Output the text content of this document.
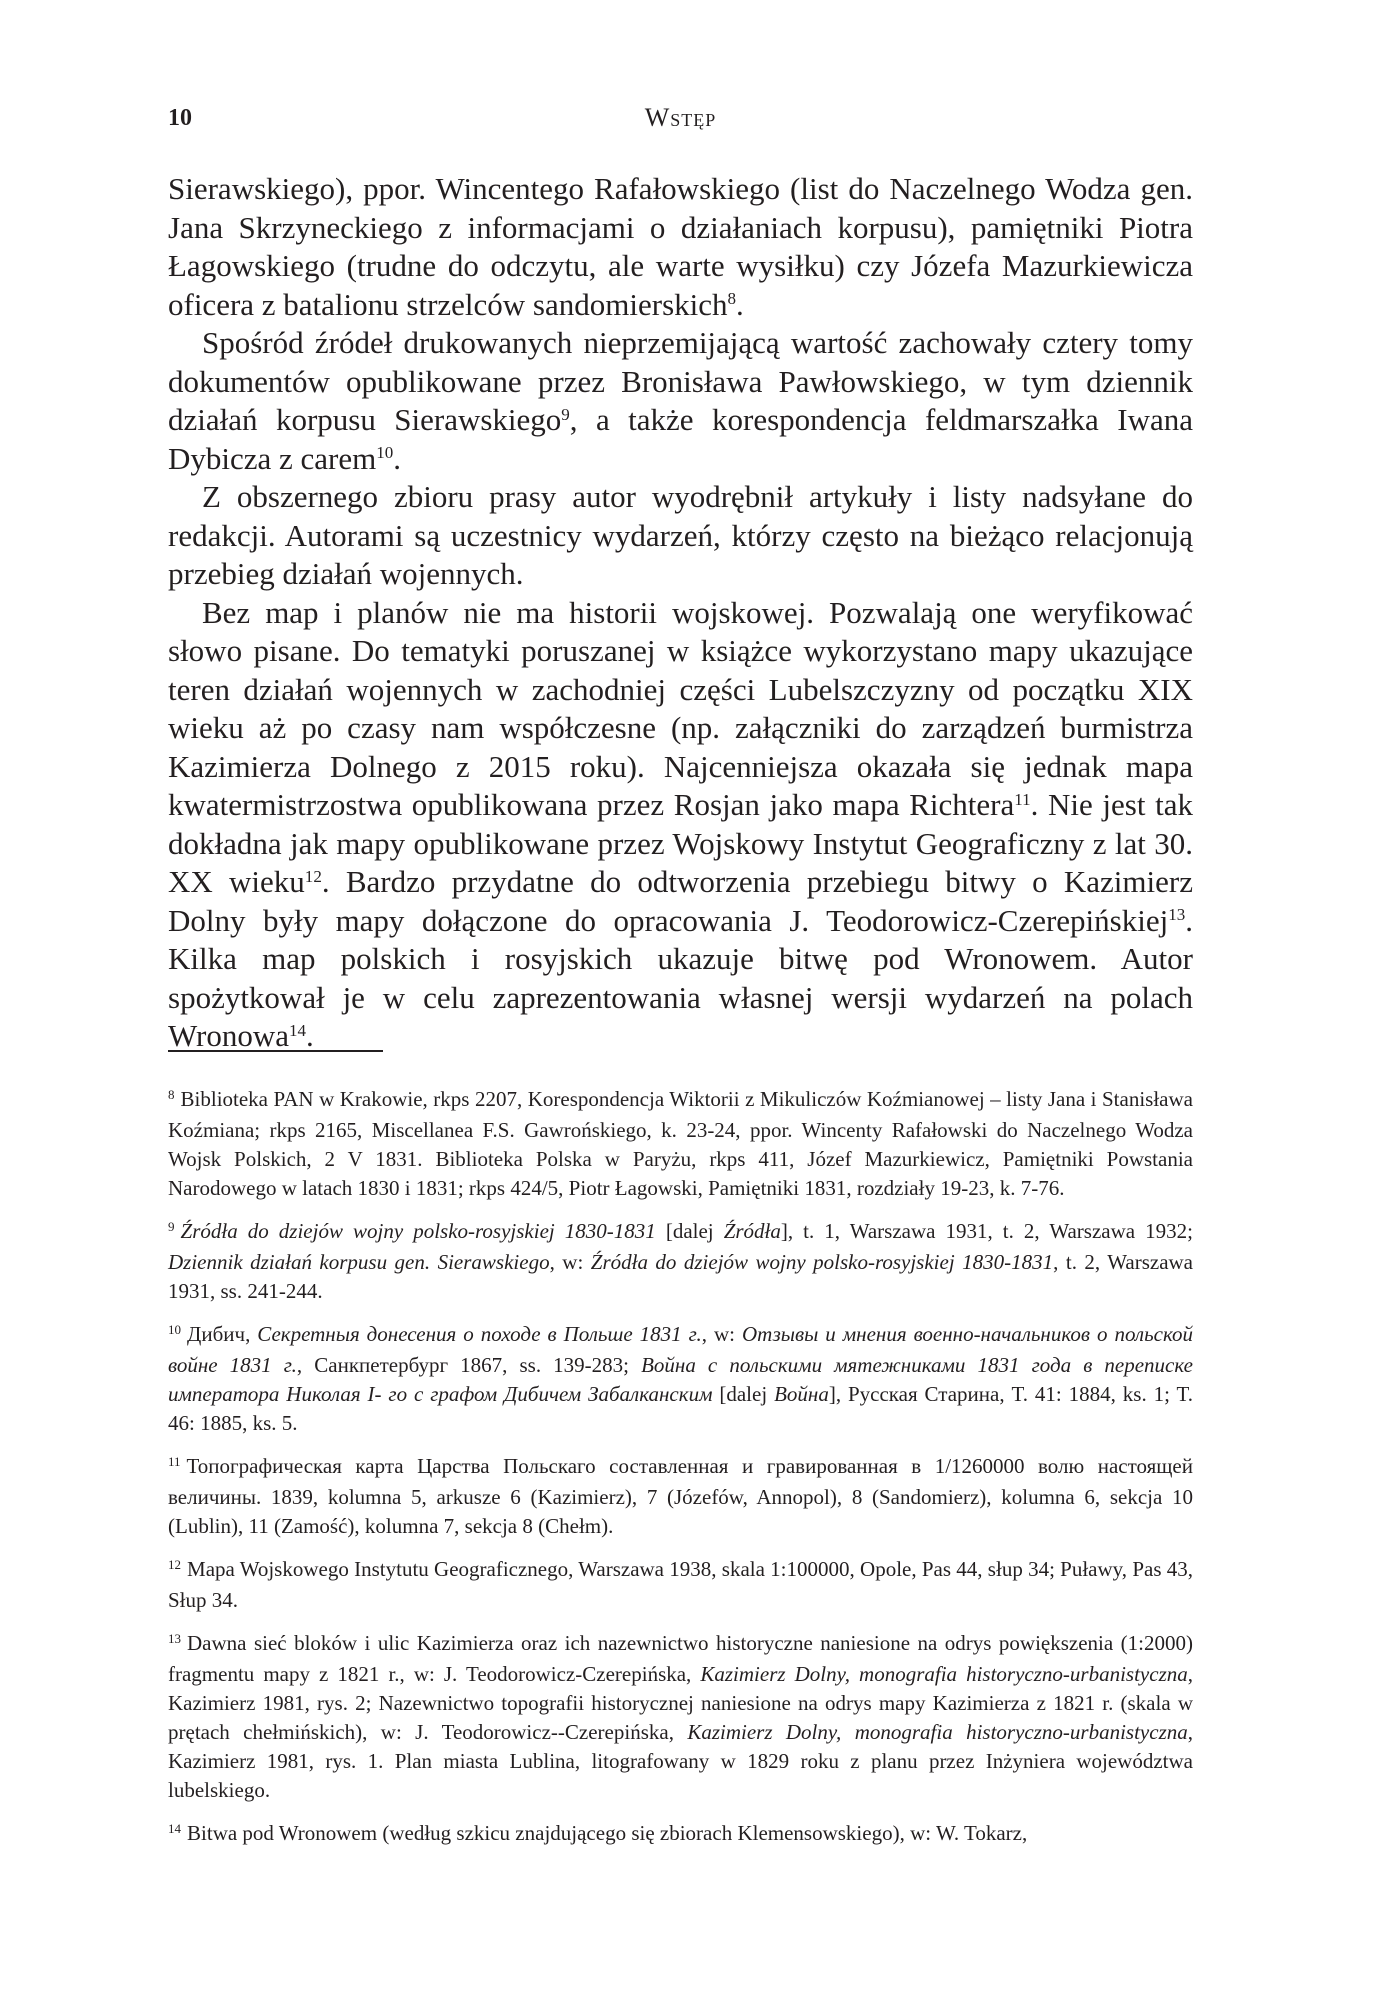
10	Wstęp

Sierawskiego), ppor. Wincentego Rafałowskiego (list do Naczelnego Wodza gen. Jana Skrzyneckiego z informacjami o działaniach korpusu), pamiętniki Piotra Łagowskiego (trudne do odczytu, ale warte wysiłku) czy Józefa Mazurkiewicza oficera z batalionu strzelców sandomierskich$^8$.

Spośród źródeł drukowanych nieprzemijającą wartość zachowały cztery tomy dokumentów opublikowane przez Bronisława Pawłowskiego, w tym dziennik działań korpusu Sierawskiego$^9$, a także korespondencja feldmarszałka Iwana Dybicza z carem$^{10}$.

Z obszernego zbioru prasy autor wyodrębnił artykuły i listy nadsyłane do redakcji. Autorami są uczestnicy wydarzeń, którzy często na bieżąco relacjonują przebieg działań wojennych.

Bez map i planów nie ma historii wojskowej. Pozwalają one weryfikować słowo pisane. Do tematyki poruszanej w książce wykorzystano mapy ukazujące teren działań wojennych w zachodniej części Lubelszczyzny od początku XIX wieku aż po czasy nam współczesne (np. załączniki do zarządzeń burmistrza Kazimierza Dolnego z 2015 roku). Najcenniejsza okazała się jednak mapa kwatermistrzostwa opublikowana przez Rosjan jako mapa Richtera$^{11}$. Nie jest tak dokładna jak mapy opublikowane przez Wojskowy Instytut Geograficzny z lat 30. XX wieku$^{12}$. Bardzo przydatne do odtworzenia przebiegu bitwy o Kazimierz Dolny były mapy dołączone do opracowania J. Teodorowicz-Czerepińskiej$^{13}$. Kilka map polskich i rosyjskich ukazuje bitwę pod Wronowem. Autor spożytkował je w celu zaprezentowania własnej wersji wydarzeń na polach Wronowa$^{14}$.

$^8$ Biblioteka PAN w Krakowie, rkps 2207, Korespondencja Wiktorii z Mikuliczów Koźmianowej – listy Jana i Stanisława Koźmiana; rkps 2165, Miscellanea F.S. Gawrońskiego, k. 23-24, ppor. Wincenty Rafałowski do Naczelnego Wodza Wojsk Polskich, 2 V 1831. Biblioteka Polska w Paryżu, rkps 411, Józef Mazurkiewicz, Pamiętniki Powstania Narodowego w latach 1830 i 1831; rkps 424/5, Piotr Łagowski, Pamiętniki 1831, rozdziały 19-23, k. 7-76.

$^9$ Źródła do dziejów wojny polsko-rosyjskiej 1830-1831 [dalej Źródła], t. 1, Warszawa 1931, t. 2, Warszawa 1932; Dziennik działań korpusu gen. Sierawskiego, w: Źródła do dziejów wojny polsko-rosyjskiej 1830-1831, t. 2, Warszawa 1931, ss. 241-244.

$^{10}$ Дибич, Секретныя донесения о походе в Польше 1831 г., w: Отзывы и мнения военно-начальников о польской войне 1831 г., Санкпетербург 1867, ss. 139-283; Война с польскими мятежниками 1831 года в переписке императора Николая I- го с графом Дибичем Забалканским [dalej Война], Русская Старина, T. 41: 1884, ks. 1; T. 46: 1885, ks. 5.

$^{11}$ Топографическая карта Царства Польскаго составленная и гравированная в 1/1260000 волю настоящей величины. 1839, kolumna 5, arkusze 6 (Kazimierz), 7 (Józefów, Annopol), 8 (Sandomierz), kolumna 6, sekcja 10 (Lublin), 11 (Zamość), kolumna 7, sekcja 8 (Chełm).

$^{12}$ Mapa Wojskowego Instytutu Geograficznego, Warszawa 1938, skala 1:100000, Opole, Pas 44, słup 34; Puławy, Pas 43, Słup 34.

$^{13}$ Dawna sieć bloków i ulic Kazimierza oraz ich nazewnictwo historyczne naniesione na odrys powiększenia (1:2000) fragmentu mapy z 1821 r., w: J. Teodorowicz-Czerepińska, Kazimierz Dolny, monografia historyczno-urbanistyczna, Kazimierz 1981, rys. 2; Nazewnictwo topografii historycznej naniesione na odrys mapy Kazimierza z 1821 r. (skala w prętach chełmińskich), w: J. Teodorowicz--Czerepińska, Kazimierz Dolny, monografia historyczno-urbanistyczna, Kazimierz 1981, rys. 1. Plan miasta Lublina, litografowany w 1829 roku z planu przez Inżyniera województwa lubelskiego.

$^{14}$ Bitwa pod Wronowem (według szkicu znajdującego się zbiorach Klemensowskiego), w: W. Tokarz,
